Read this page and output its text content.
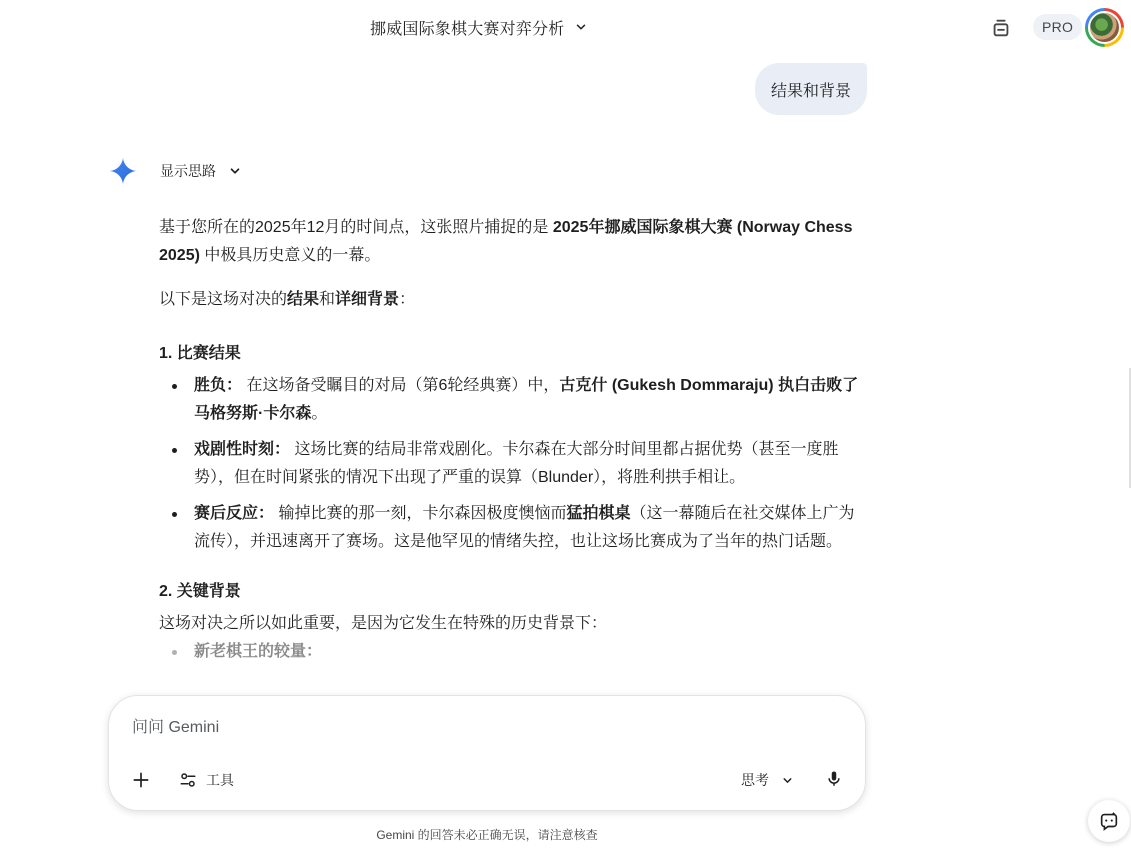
挪威国际象棋大赛对弈分析	PRO
结果和背景
显示思路

基于您所在的2025年12月的时间点，这张照片捕捉的是 2025年挪威国际象棋大赛 (Norway Chess 2025) 中极具历史意义的一幕。

以下是这场对决的结果和详细背景：

1. 比赛结果
胜负： 在这场备受瞩目的对局（第6轮经典赛）中，古克什 (Gukesh Dommaraju) 执白击败了马格努斯·卡尔森。
戏剧性时刻： 这场比赛的结局非常戏剧化。卡尔森在大部分时间里都占据优势（甚至一度胜势），但在时间紧张的情况下出现了严重的误算（Blunder），将胜利拱手相让。
赛后反应： 输掉比赛的那一刻，卡尔森因极度懊恼而猛拍棋桌（这一幕随后在社交媒体上广为流传），并迅速离开了赛场。这是他罕见的情绪失控，也让这场比赛成为了当年的热门话题。
2. 关键背景

这场对决之所以如此重要，是因为它发生在特殊的历史背景下：

新老棋王的较量：
问问 Gemini
工具	思考
Gemini 的回答未必正确无误，请注意核查
